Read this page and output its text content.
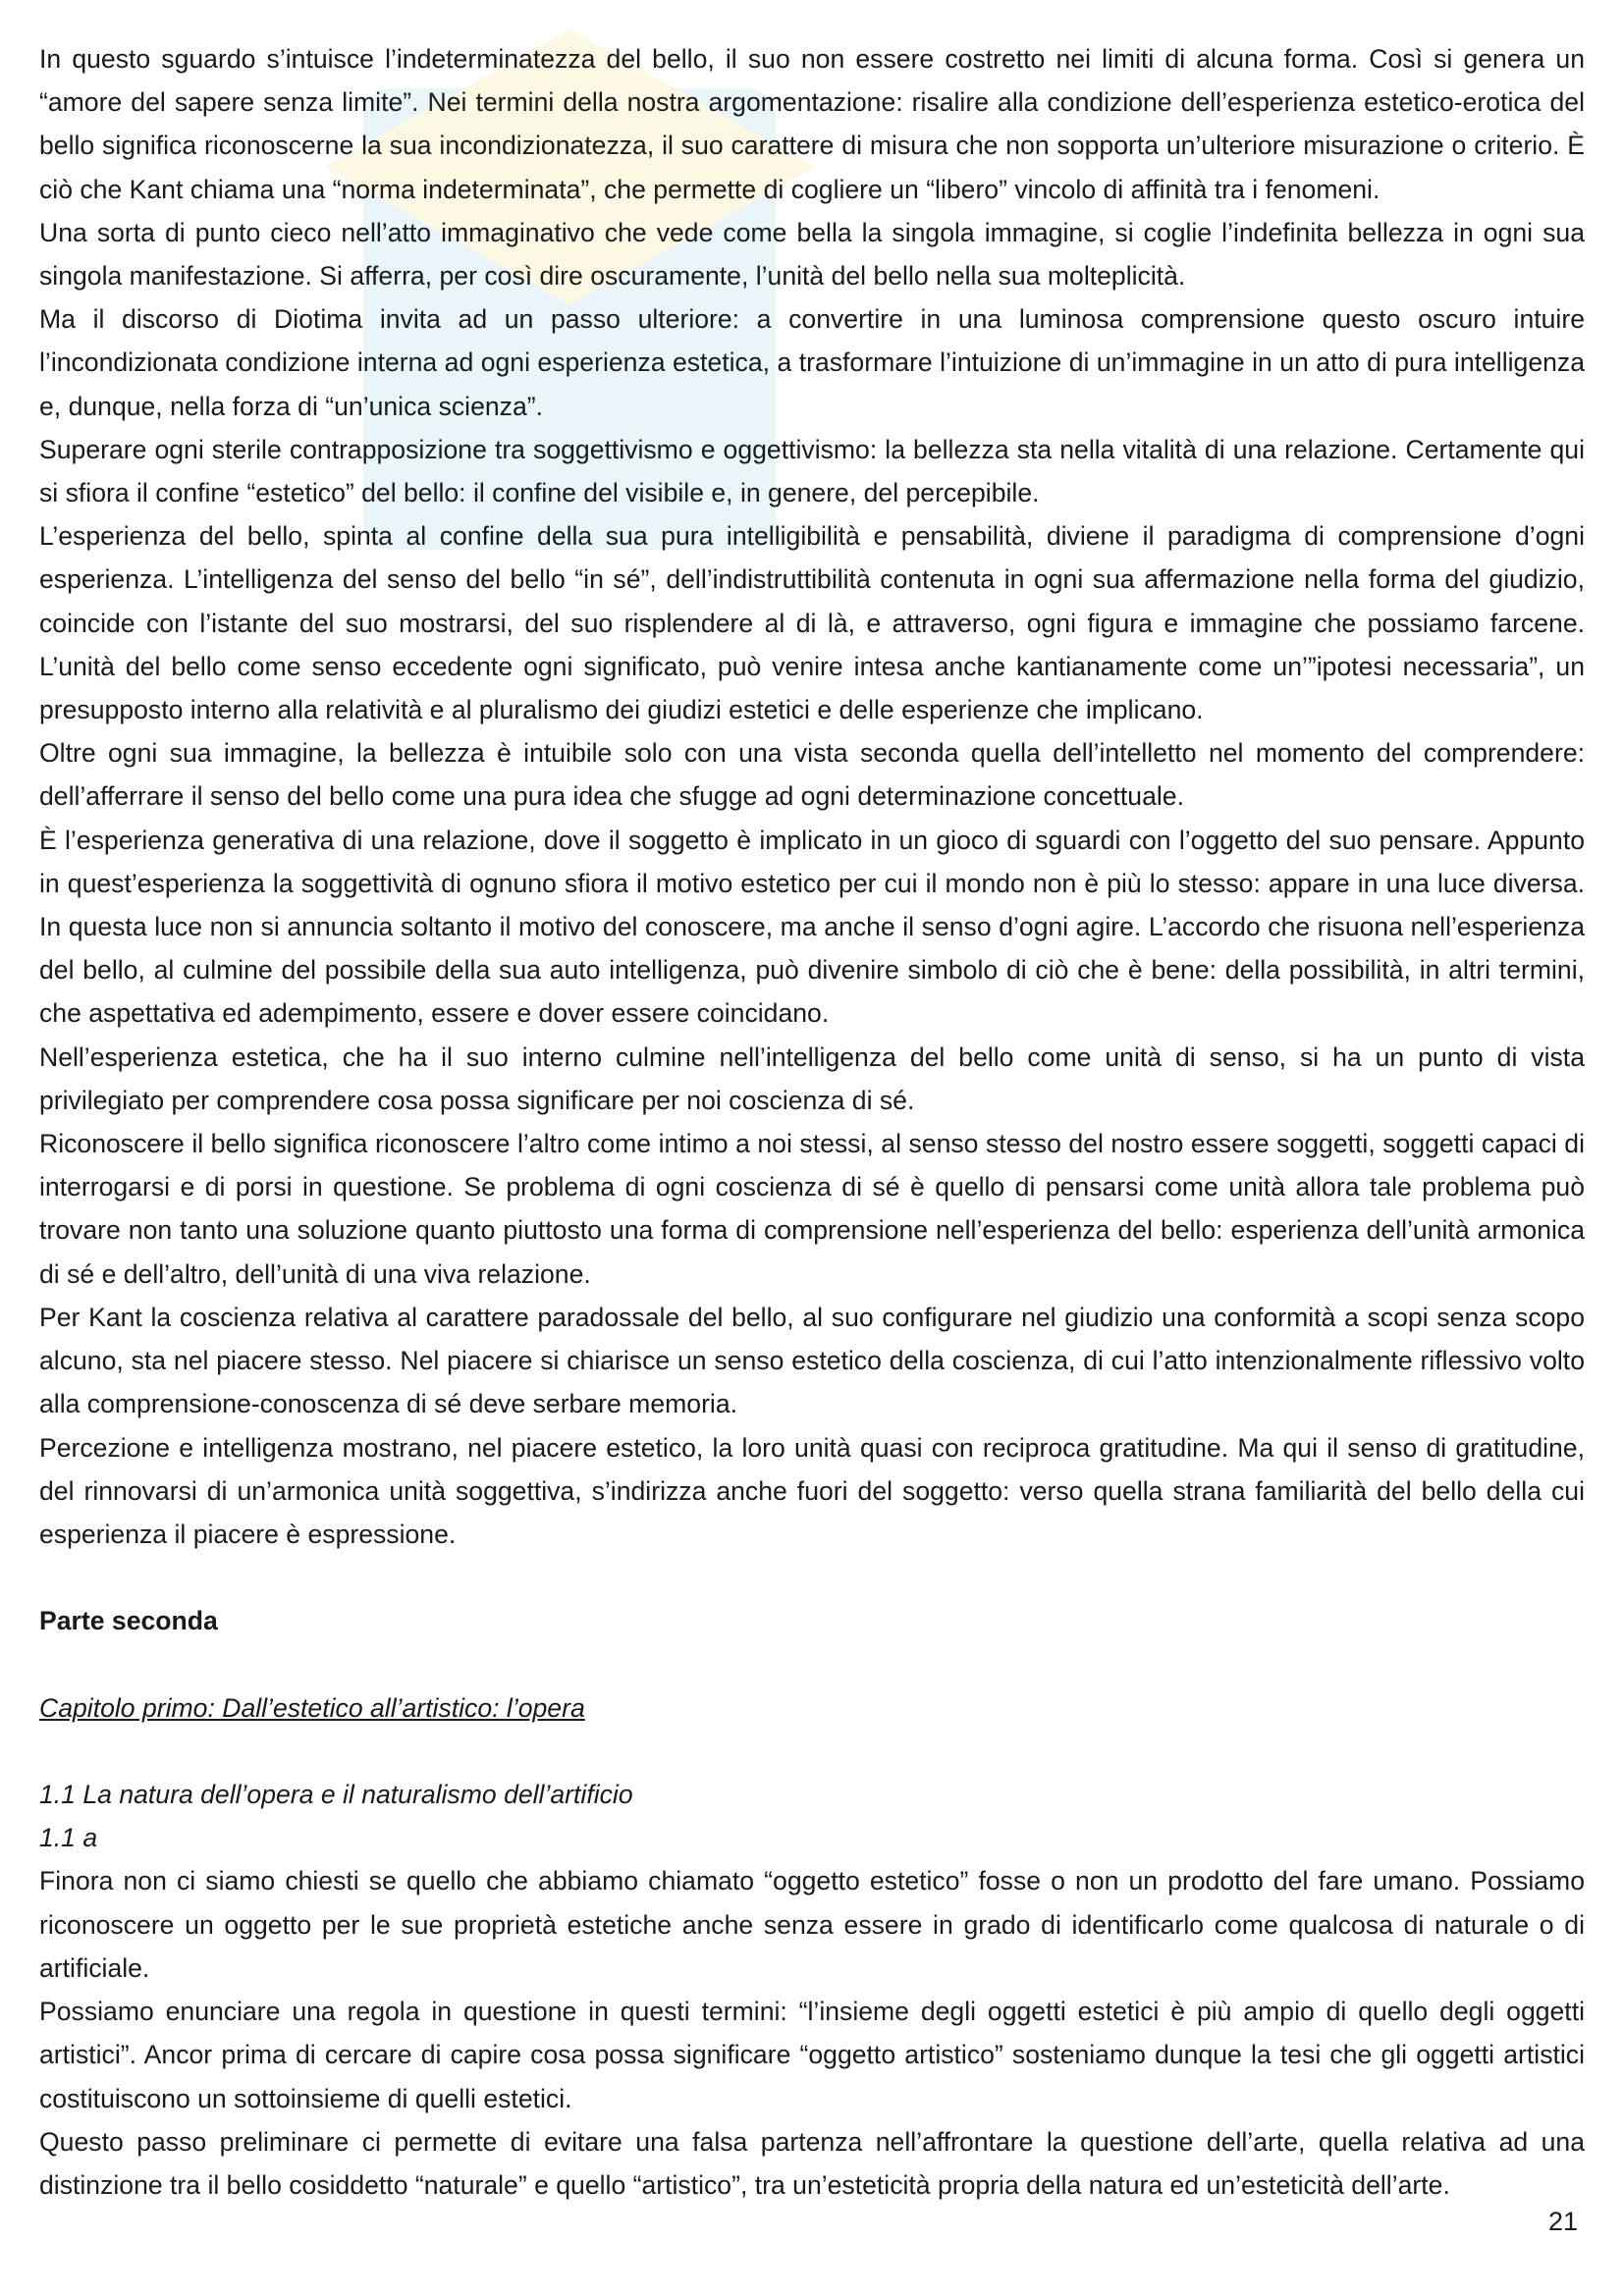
In questo sguardo s’intuisce l’indeterminatezza del bello, il suo non essere costretto nei limiti di alcuna forma. Così si genera un “amore del sapere senza limite”. Nei termini della nostra argomentazione: risalire alla condizione dell’esperienza estetico-erotica del bello significa riconoscerne la sua incondizionatezza, il suo carattere di misura che non sopporta un’ulteriore misurazione o criterio. È ciò che Kant chiama una “norma indeterminata”, che permette di cogliere un “libero” vincolo di affinità tra i fenomeni.

Una sorta di punto cieco nell’atto immaginativo che vede come bella la singola immagine, si coglie l’indefinita bellezza in ogni sua singola manifestazione. Si afferra, per così dire oscuramente, l’unità del bello nella sua molteplicità.

Ma il discorso di Diotima invita ad un passo ulteriore: a convertire in una luminosa comprensione questo oscuro intuire l’incondizionata condizione interna ad ogni esperienza estetica, a trasformare l’intuizione di un’immagine in un atto di pura intelligenza e, dunque, nella forza di “un’unica scienza”.

Superare ogni sterile contrapposizione tra soggettivismo e oggettivismo: la bellezza sta nella vitalità di una relazione. Certamente qui si sfiora il confine “estetico” del bello: il confine del visibile e, in genere, del percepibile.

L’esperienza del bello, spinta al confine della sua pura intelligibilità e pensabilità, diviene il paradigma di comprensione d’ogni esperienza. L’intelligenza del senso del bello “in sé”, dell’indistruttibilità contenuta in ogni sua affermazione nella forma del giudizio, coincide con l’istante del suo mostrarsi, del suo risplendere al di là, e attraverso, ogni figura e immagine che possiamo farcene. L’unità del bello come senso eccedente ogni significato, può venire intesa anche kantianamente come un’”ipotesi necessaria”, un presupposto interno alla relatività e al pluralismo dei giudizi estetici e delle esperienze che implicano.

Oltre ogni sua immagine, la bellezza è intuibile solo con una vista seconda quella dell’intelletto nel momento del comprendere: dell’afferrare il senso del bello come una pura idea che sfugge ad ogni determinazione concettuale.

È l’esperienza generativa di una relazione, dove il soggetto è implicato in un gioco di sguardi con l’oggetto del suo pensare. Appunto in quest’esperienza la soggettività di ognuno sfiora il motivo estetico per cui il mondo non è più lo stesso: appare in una luce diversa. In questa luce non si annuncia soltanto il motivo del conoscere, ma anche il senso d’ogni agire. L’accordo che risuona nell’esperienza del bello, al culmine del possibile della sua auto intelligenza, può divenire simbolo di ciò che è bene: della possibilità, in altri termini, che aspettativa ed adempimento, essere e dover essere coincidano.

Nell’esperienza estetica, che ha il suo interno culmine nell’intelligenza del bello come unità di senso, si ha un punto di vista privilegiato per comprendere cosa possa significare per noi coscienza di sé.

Riconoscere il bello significa riconoscere l’altro come intimo a noi stessi, al senso stesso del nostro essere soggetti, soggetti capaci di interrogarsi e di porsi in questione. Se problema di ogni coscienza di sé è quello di pensarsi come unità allora tale problema può trovare non tanto una soluzione quanto piuttosto una forma di comprensione nell’esperienza del bello: esperienza dell’unità armonica di sé e dell’altro, dell’unità di una viva relazione.

Per Kant la coscienza relativa al carattere paradossale del bello, al suo configurare nel giudizio una conformità a scopi senza scopo alcuno, sta nel piacere stesso. Nel piacere si chiarisce un senso estetico della coscienza, di cui l’atto intenzionalmente riflessivo volto alla comprensione-conoscenza di sé deve serbare memoria.

Percezione e intelligenza mostrano, nel piacere estetico, la loro unità quasi con reciproca gratitudine. Ma qui il senso di gratitudine, del rinnovarsi di un’armonica unità soggettiva, s’indirizza anche fuori del soggetto: verso quella strana familiarità del bello della cui esperienza il piacere è espressione.

Parte seconda

Capitolo primo: Dall’estetico all’artistico: l’opera

1.1 La natura dell’opera e il naturalismo dell’artificio

1.1 a

Finora non ci siamo chiesti se quello che abbiamo chiamato “oggetto estetico” fosse o non un prodotto del fare umano. Possiamo riconoscere un oggetto per le sue proprietà estetiche anche senza essere in grado di identificarlo come qualcosa di naturale o di artificiale.

Possiamo enunciare una regola in questione in questi termini: “l’insieme degli oggetti estetici è più ampio di quello degli oggetti artistici”. Ancor prima di cercare di capire cosa possa significare “oggetto artistico” sosteniamo dunque la tesi che gli oggetti artistici costituiscono un sottoinsieme di quelli estetici.

Questo passo preliminare ci permette di evitare una falsa partenza nell’affrontare la questione dell’arte, quella relativa ad una distinzione tra il bello cosiddetto “naturale” e quello “artistico”, tra un’esteticità propria della natura ed un’esteticità dell’arte.

21
